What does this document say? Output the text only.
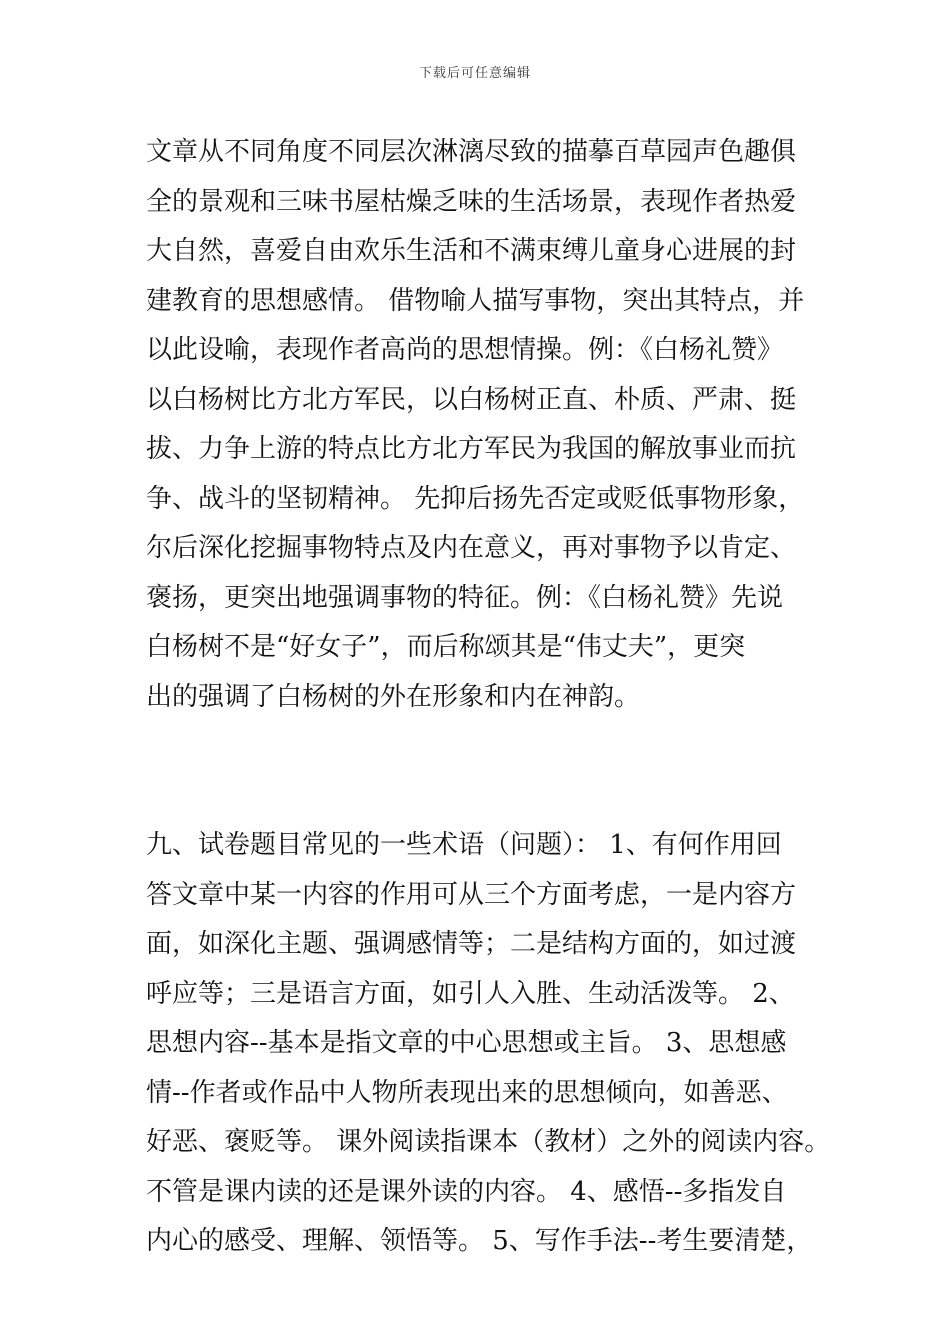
下载后可任意编辑
文章从不同角度不同层次淋漓尽致的描摹百草园声色趣俱
全的景观和三味书屋枯燥乏味的生活场景，表现作者热爱
大自然，喜爱自由欢乐生活和不满束缚儿童身心进展的封
建教育的思想感情。 借物喻人描写事物，突出其特点，并
以此设喻，表现作者高尚的思想情操。例：《白杨礼赞》
以白杨树比方北方军民，以白杨树正直、朴质、严肃、挺
拔、力争上游的特点比方北方军民为我国的解放事业而抗
争、战斗的坚韧精神。 先抑后扬先否定或贬低事物形象，
尔后深化挖掘事物特点及内在意义，再对事物予以肯定、
褒扬，更突出地强调事物的特征。例：《白杨礼赞》先说
白杨树不是“好女子”，而后称颂其是“伟丈夫”，更突
出的强调了白杨树的外在形象和内在神韵。
九、试卷题目常见的一些术语（问题）： 1、有何作用回
答文章中某一内容的作用可从三个方面考虑，一是内容方
面，如深化主题、强调感情等；二是结构方面的，如过渡
呼应等；三是语言方面，如引人入胜、生动活泼等。 2、
思想内容--基本是指文章的中心思想或主旨。 3、思想感
情--作者或作品中人物所表现出来的思想倾向，如善恶、
好恶、褒贬等。 课外阅读指课本（教材）之外的阅读内容。
不管是课内读的还是课外读的内容。 4、感悟--多指发自
内心的感受、理解、领悟等。 5、写作手法--考生要清楚，
